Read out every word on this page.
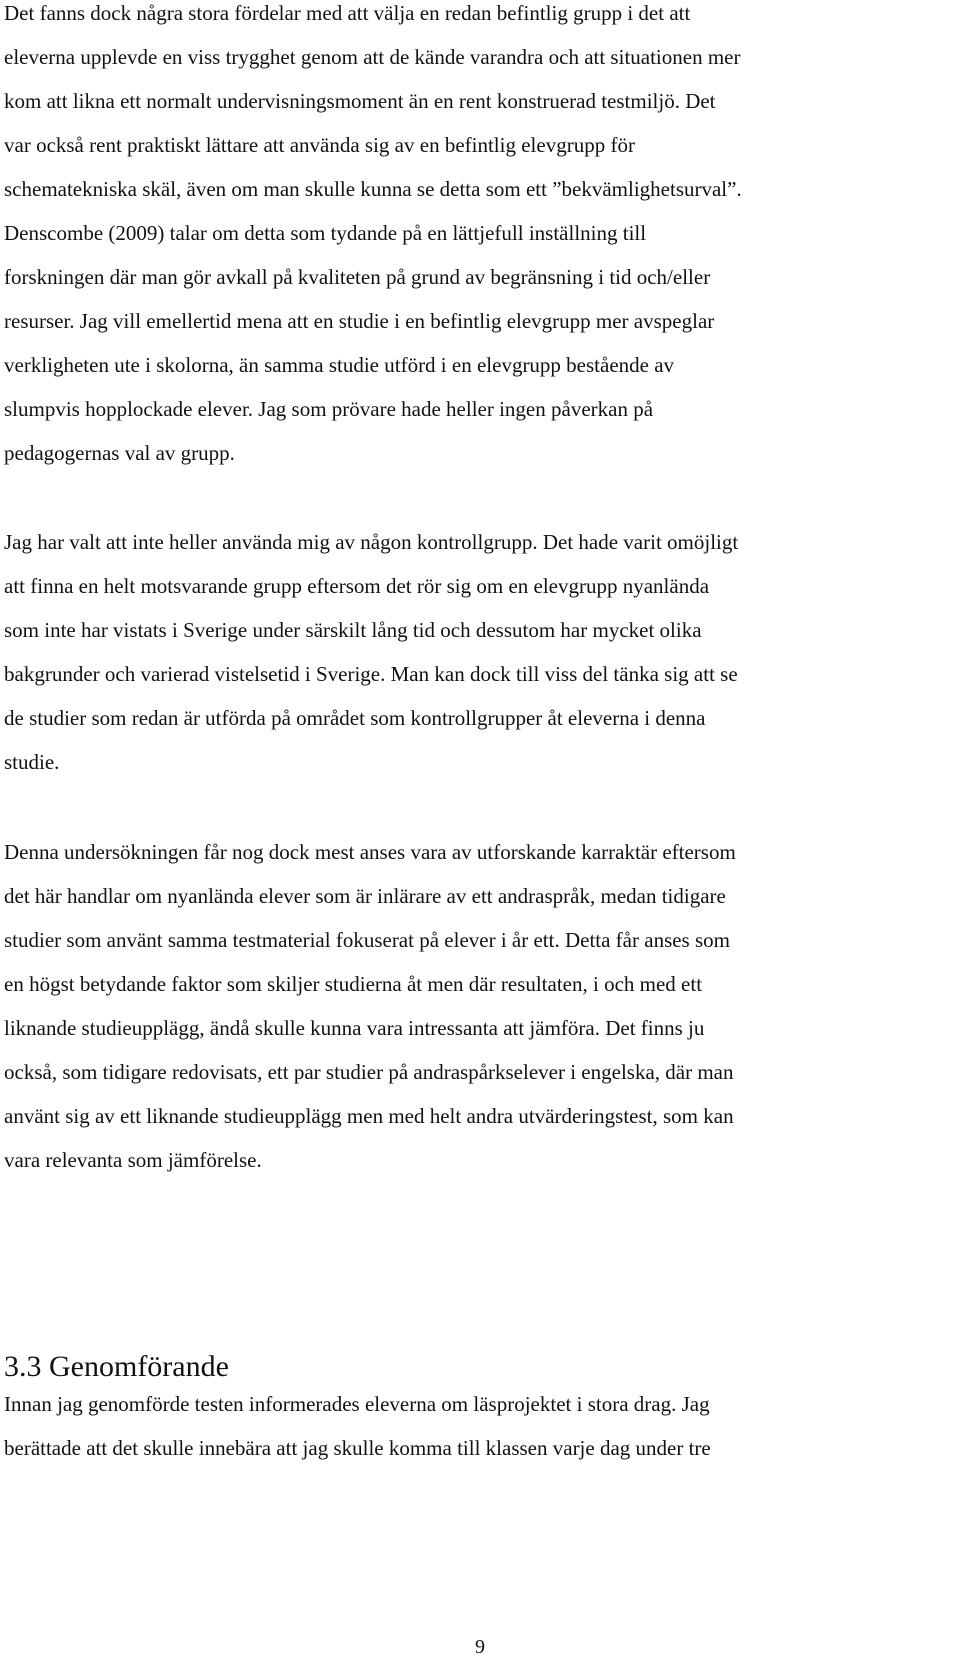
Det fanns dock några stora fördelar med att välja en redan befintlig grupp i det att
eleverna upplevde en viss trygghet genom att de kände varandra och att situationen mer
kom att likna ett normalt undervisningsmoment än en rent konstruerad testmiljö. Det
var också rent praktiskt lättare att använda sig av en befintlig elevgrupp för
schematekniska skäl, även om man skulle kunna se detta som ett ”bekvämlighetsurval”.
Denscombe (2009) talar om detta som tydande på en lättjefull inställning till
forskningen där man gör avkall på kvaliteten på grund av begränsning i tid och/eller
resurser. Jag vill emellertid mena att en studie i en befintlig elevgrupp mer avspeglar
verkligheten ute i skolorna, än samma studie utförd i en elevgrupp bestående av
slumpvis hopplockade elever. Jag som prövare hade heller ingen påverkan på
pedagogernas val av grupp.
Jag har valt att inte heller använda mig av någon kontrollgrupp. Det hade varit omöjligt
att finna en helt motsvarande grupp eftersom det rör sig om en elevgrupp nyanlända
som inte har vistats i Sverige under särskilt lång tid och dessutom har mycket olika
bakgrunder och varierad vistelsetid i Sverige. Man kan dock till viss del tänka sig att se
de studier som redan är utförda på området som kontrollgrupper åt eleverna i denna
studie.
Denna undersökningen får nog dock mest anses vara av utforskande karraktär eftersom
det här handlar om nyanlända elever som är inlärare av ett andraspråk, medan tidigare
studier som använt samma testmaterial fokuserat på elever i år ett. Detta får anses som
en högst betydande faktor som skiljer studierna åt men där resultaten, i och med ett
liknande studieupplägg, ändå skulle kunna vara intressanta att jämföra. Det finns ju
också, som tidigare redovisats, ett par studier på andraspårkselever i engelska, där man
använt sig av ett liknande studieupplägg men med helt andra utvärderingstest, som kan
vara relevanta som jämförelse.
3.3 Genomförande
Innan jag genomförde testen informerades eleverna om läsprojektet i stora drag. Jag
berättade att det skulle innebära att jag skulle komma till klassen varje dag under tre
9
